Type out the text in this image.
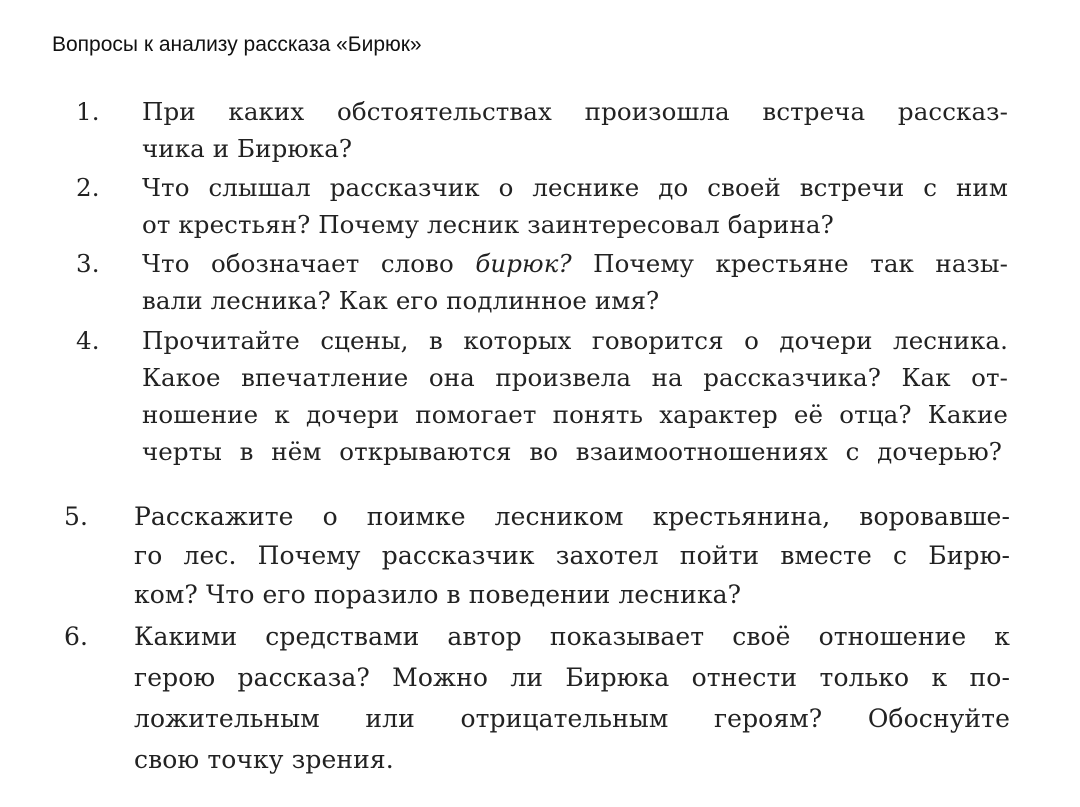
Вопросы к анализу рассказа «Бирюк»
1. При каких обстоятельствах произошла встреча рассказ-
чика и Бирюка?
2. Что слышал рассказчик о леснике до своей встречи с ним
от крестьян? Почему лесник заинтересовал барина?
3. Что обозначает слово бирюк? Почему крестьяне так назы-
вали лесника? Как его подлинное имя?
4. Прочитайте сцены, в которых говорится о дочери лесника.
Какое впечатление она произвела на рассказчика? Как от-
ношение к дочери помогает понять характер её отца? Какие
черты в нём открываются во взаимоотношениях с дочерью?
5. Расскажите о поимке лесником крестьянина, воровавше-
го лес. Почему рассказчик захотел пойти вместе с Бирю-
ком? Что его поразило в поведении лесника?
6. Какими средствами автор показывает своё отношение к
герою рассказа? Можно ли Бирюка отнести только к по-
ложительным или отрицательным героям? Обоснуйте
свою точку зрения.
